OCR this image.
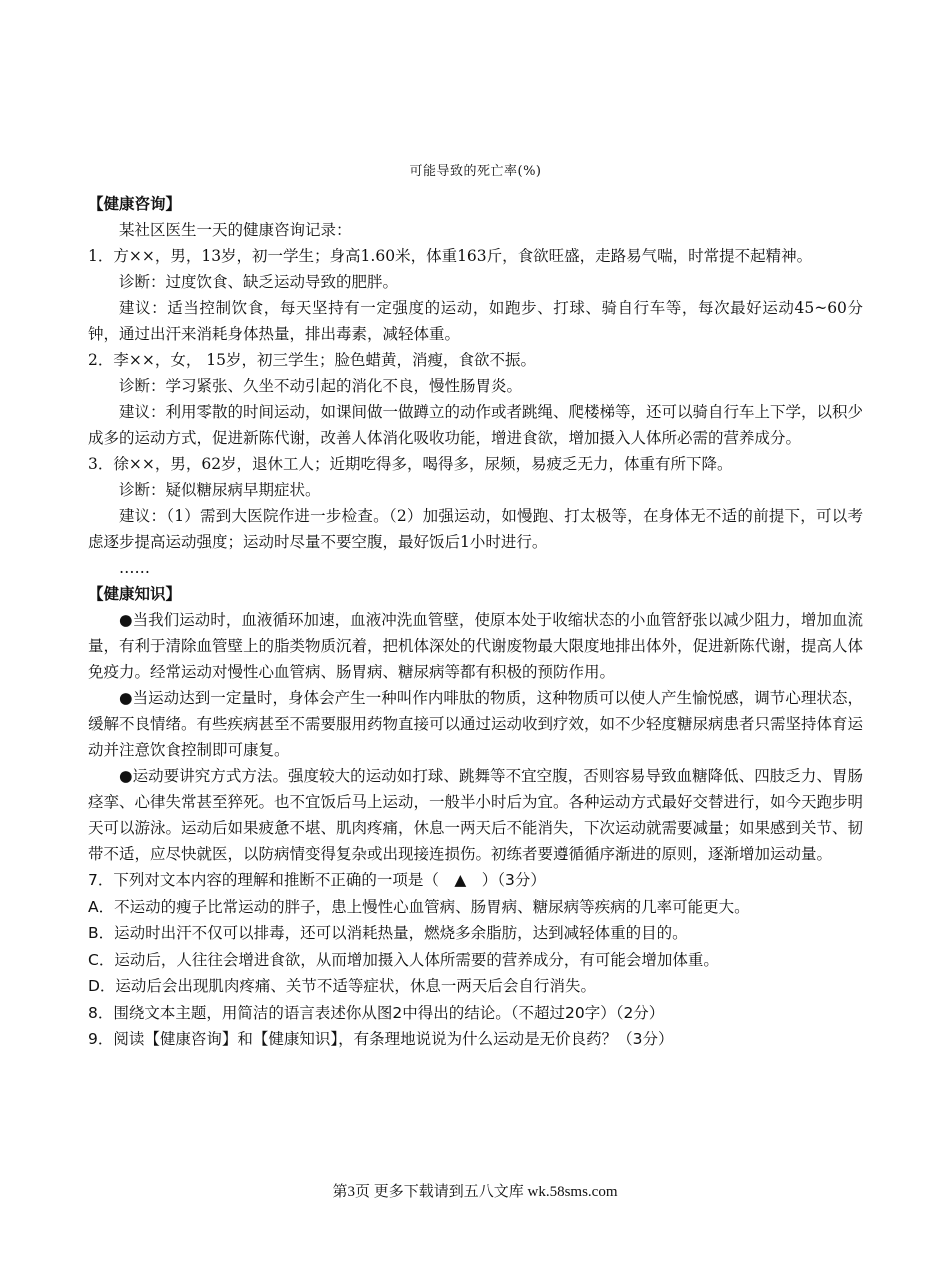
可能导致的死亡率(%)
【健康咨询】

某社区医生一天的健康咨询记录：

1．方××，男，13岁，初一学生；身高1.60米，体重163斤，食欲旺盛，走路易气喘，时常提不起精神。

诊断：过度饮食、缺乏运动导致的肥胖。

建议：适当控制饮食，每天坚持有一定强度的运动，如跑步、打球、骑自行车等，每次最好运动45~60分钟，通过出汗来消耗身体热量，排出毒素，减轻体重。

2．李××，女， 15岁，初三学生；脸色蜡黄，消瘦，食欲不振。

诊断：学习紧张、久坐不动引起的消化不良，慢性肠胃炎。

建议：利用零散的时间运动，如课间做一做蹲立的动作或者跳绳、爬楼梯等，还可以骑自行车上下学，以积少成多的运动方式，促进新陈代谢，改善人体消化吸收功能，增进食欲，增加摄入人体所必需的营养成分。

3．徐××，男，62岁，退休工人；近期吃得多，喝得多，尿频，易疲乏无力，体重有所下降。

诊断：疑似糖尿病早期症状。

建议：（1）需到大医院作进一步检查。（2）加强运动，如慢跑、打太极等，在身体无不适的前提下，可以考虑逐步提高运动强度；运动时尽量不要空腹，最好饭后1小时进行。

……

【健康知识】

●当我们运动时，血液循环加速，血液冲洗血管壁，使原本处于收缩状态的小血管舒张以减少阻力，增加血流量，有利于清除血管壁上的脂类物质沉着，把机体深处的代谢废物最大限度地排出体外，促进新陈代谢，提高人体免疫力。经常运动对慢性心血管病、肠胃病、糖尿病等都有积极的预防作用。

●当运动达到一定量时，身体会产生一种叫作内啡肽的物质，这种物质可以使人产生愉悦感，调节心理状态，缓解不良情绪。有些疾病甚至不需要服用药物直接可以通过运动收到疗效，如不少轻度糖尿病患者只需坚持体育运动并注意饮食控制即可康复。

●运动要讲究方式方法。强度较大的运动如打球、跳舞等不宜空腹，否则容易导致血糖降低、四肢乏力、胃肠痉挛、心律失常甚至猝死。也不宜饭后马上运动，一般半小时后为宜。各种运动方式最好交替进行，如今天跑步明天可以游泳。运动后如果疲惫不堪、肌肉疼痛，休息一两天后不能消失，下次运动就需要减量；如果感到关节、韧带不适，应尽快就医，以防病情变得复杂或出现接连损伤。初练者要遵循循序渐进的原则，逐渐增加运动量。

7．下列对文本内容的理解和推断不正确的一项是（　▲　）（3分）

A．不运动的瘦子比常运动的胖子，患上慢性心血管病、肠胃病、糖尿病等疾病的几率可能更大。

B．运动时出汗不仅可以排毒，还可以消耗热量，燃烧多余脂肪，达到减轻体重的目的。

C．运动后，人往往会增进食欲，从而增加摄入人体所需要的营养成分，有可能会增加体重。

D．运动后会出现肌肉疼痛、关节不适等症状，休息一两天后会自行消失。

8．围绕文本主题，用简洁的语言表述你从图2中得出的结论。（不超过20字）（2分）

9．阅读【健康咨询】和【健康知识】，有条理地说说为什么运动是无价良药？（3分）

第3页 更多下载请到五八文库 wk.58sms.com
